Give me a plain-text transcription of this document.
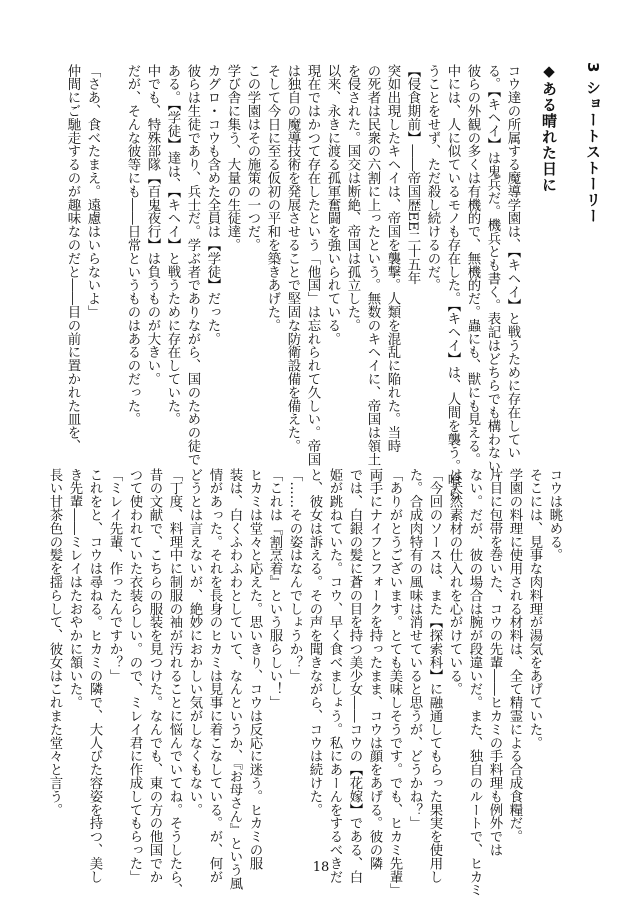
3 ショートストーリー
◆ある晴れた日に

コウ達の所属する魔導学園は、【キヘイ】と戦うために存在してい

る。【キヘイ】は鬼兵だ。機兵とも書く。表記はどちらでも構わない。

彼らの外観の多くは有機的で、無機的だ。蟲にも、獣にも見える。

中には、人に似ているモノも存在した。【キヘイ】は、人間を襲う。喰ら

うことをせず、ただ殺し続けるのだ。

【侵食期前】――帝国歴EE二十五年

突如出現したキヘイは、帝国を襲撃。人類を混乱に陥れた。当時

の死者は民衆の六割に上ったという。無数のキヘイに、帝国は領土

を侵された。国交は断絶、帝国は孤立した。

以来、永きに渡る孤軍奮闘を強いられている。

現在ではかつて存在したという「他国」は忘れられて久しい。帝国

は独自の魔導技術を発展させることで堅固な防衛設備を備えた。

そして今日に至る仮初の平和を築きあげた。

この学園はその施策の一つだ。

学び舎に集う、大量の生徒達。

カグロ・コウも含めた全員は【学徒】だった。

彼らは生徒であり、兵士だ。学ぶ者でありながら、国のための徒で

ある。【学徒】達は、【キヘイ】と戦うために存在していた。

中でも、特殊部隊【百鬼夜行】は負うものが大きい。

だが、そんな彼等にも――日常というものはあるのだった。

「さあ、食べたまえ。遠慮はいらないよ」

仲間にご馳走するのが趣味なのだと――目の前に置かれた皿を、

コウは眺める。

そこには、見事な肉料理が湯気をあげていた。

学園の料理に使用される材料は、全て精霊による合成食糧だ。

片目に包帯を巻いた、コウの先輩――ヒカミの手料理も例外では

ない。だが、彼の場合は腕が段違いだ。また、独自のルートで、ヒカミ

は天然素材の仕入れを心がけている。

「今回のソースは、また【探索科】に融通してもらった果実を使用し

た。合成肉特有の風味は消せていると思うが、どうかね？」

「ありがとうございます。とても美味しそうです。でも、ヒカミ先輩」

両手にナイフとフォークを持ったまま、コウは顔をあげる。彼の隣

では、白銀の髪に蒼の目を持つ美少女――コウの【花嫁】である、白

姫が跳ねていた。コウ、早く食べましょう。私にあーんをするべきだ

と、彼女は訴える。その声を聞きながら、コウは続けた。

「……その姿はなんでしょうか？」

「これは『割烹着』という服らしい！」

ヒカミは堂々と応えた。思いきり、コウは反応に迷う。ヒカミの服

装は、白くふわふわとしていて、なんというか、『お母さん』という風

情があった。それを長身のヒカミは見事に着こなしている。が、何が

どうとは言えないが、絶妙におかしい気がしなくもない。

「丁度、料理中に制服の袖が汚れることに悩んでいてね。そうしたら、

昔の文献で、こちらの服装を見つけた。なんでも、東の方の他国でか

つて使われていた衣装らしい。ので、ミレイ君に作成してもらった」

「ミレイ先輩、作ったんですか？」

これをと、コウは尋ねる。ヒカミの隣で、大人びた容姿を持つ、美し

き先輩――ミレイはたおやかに頷いた。

長い甘茶色の髪を揺らして、彼女はこれまた堂々と言う。

18
